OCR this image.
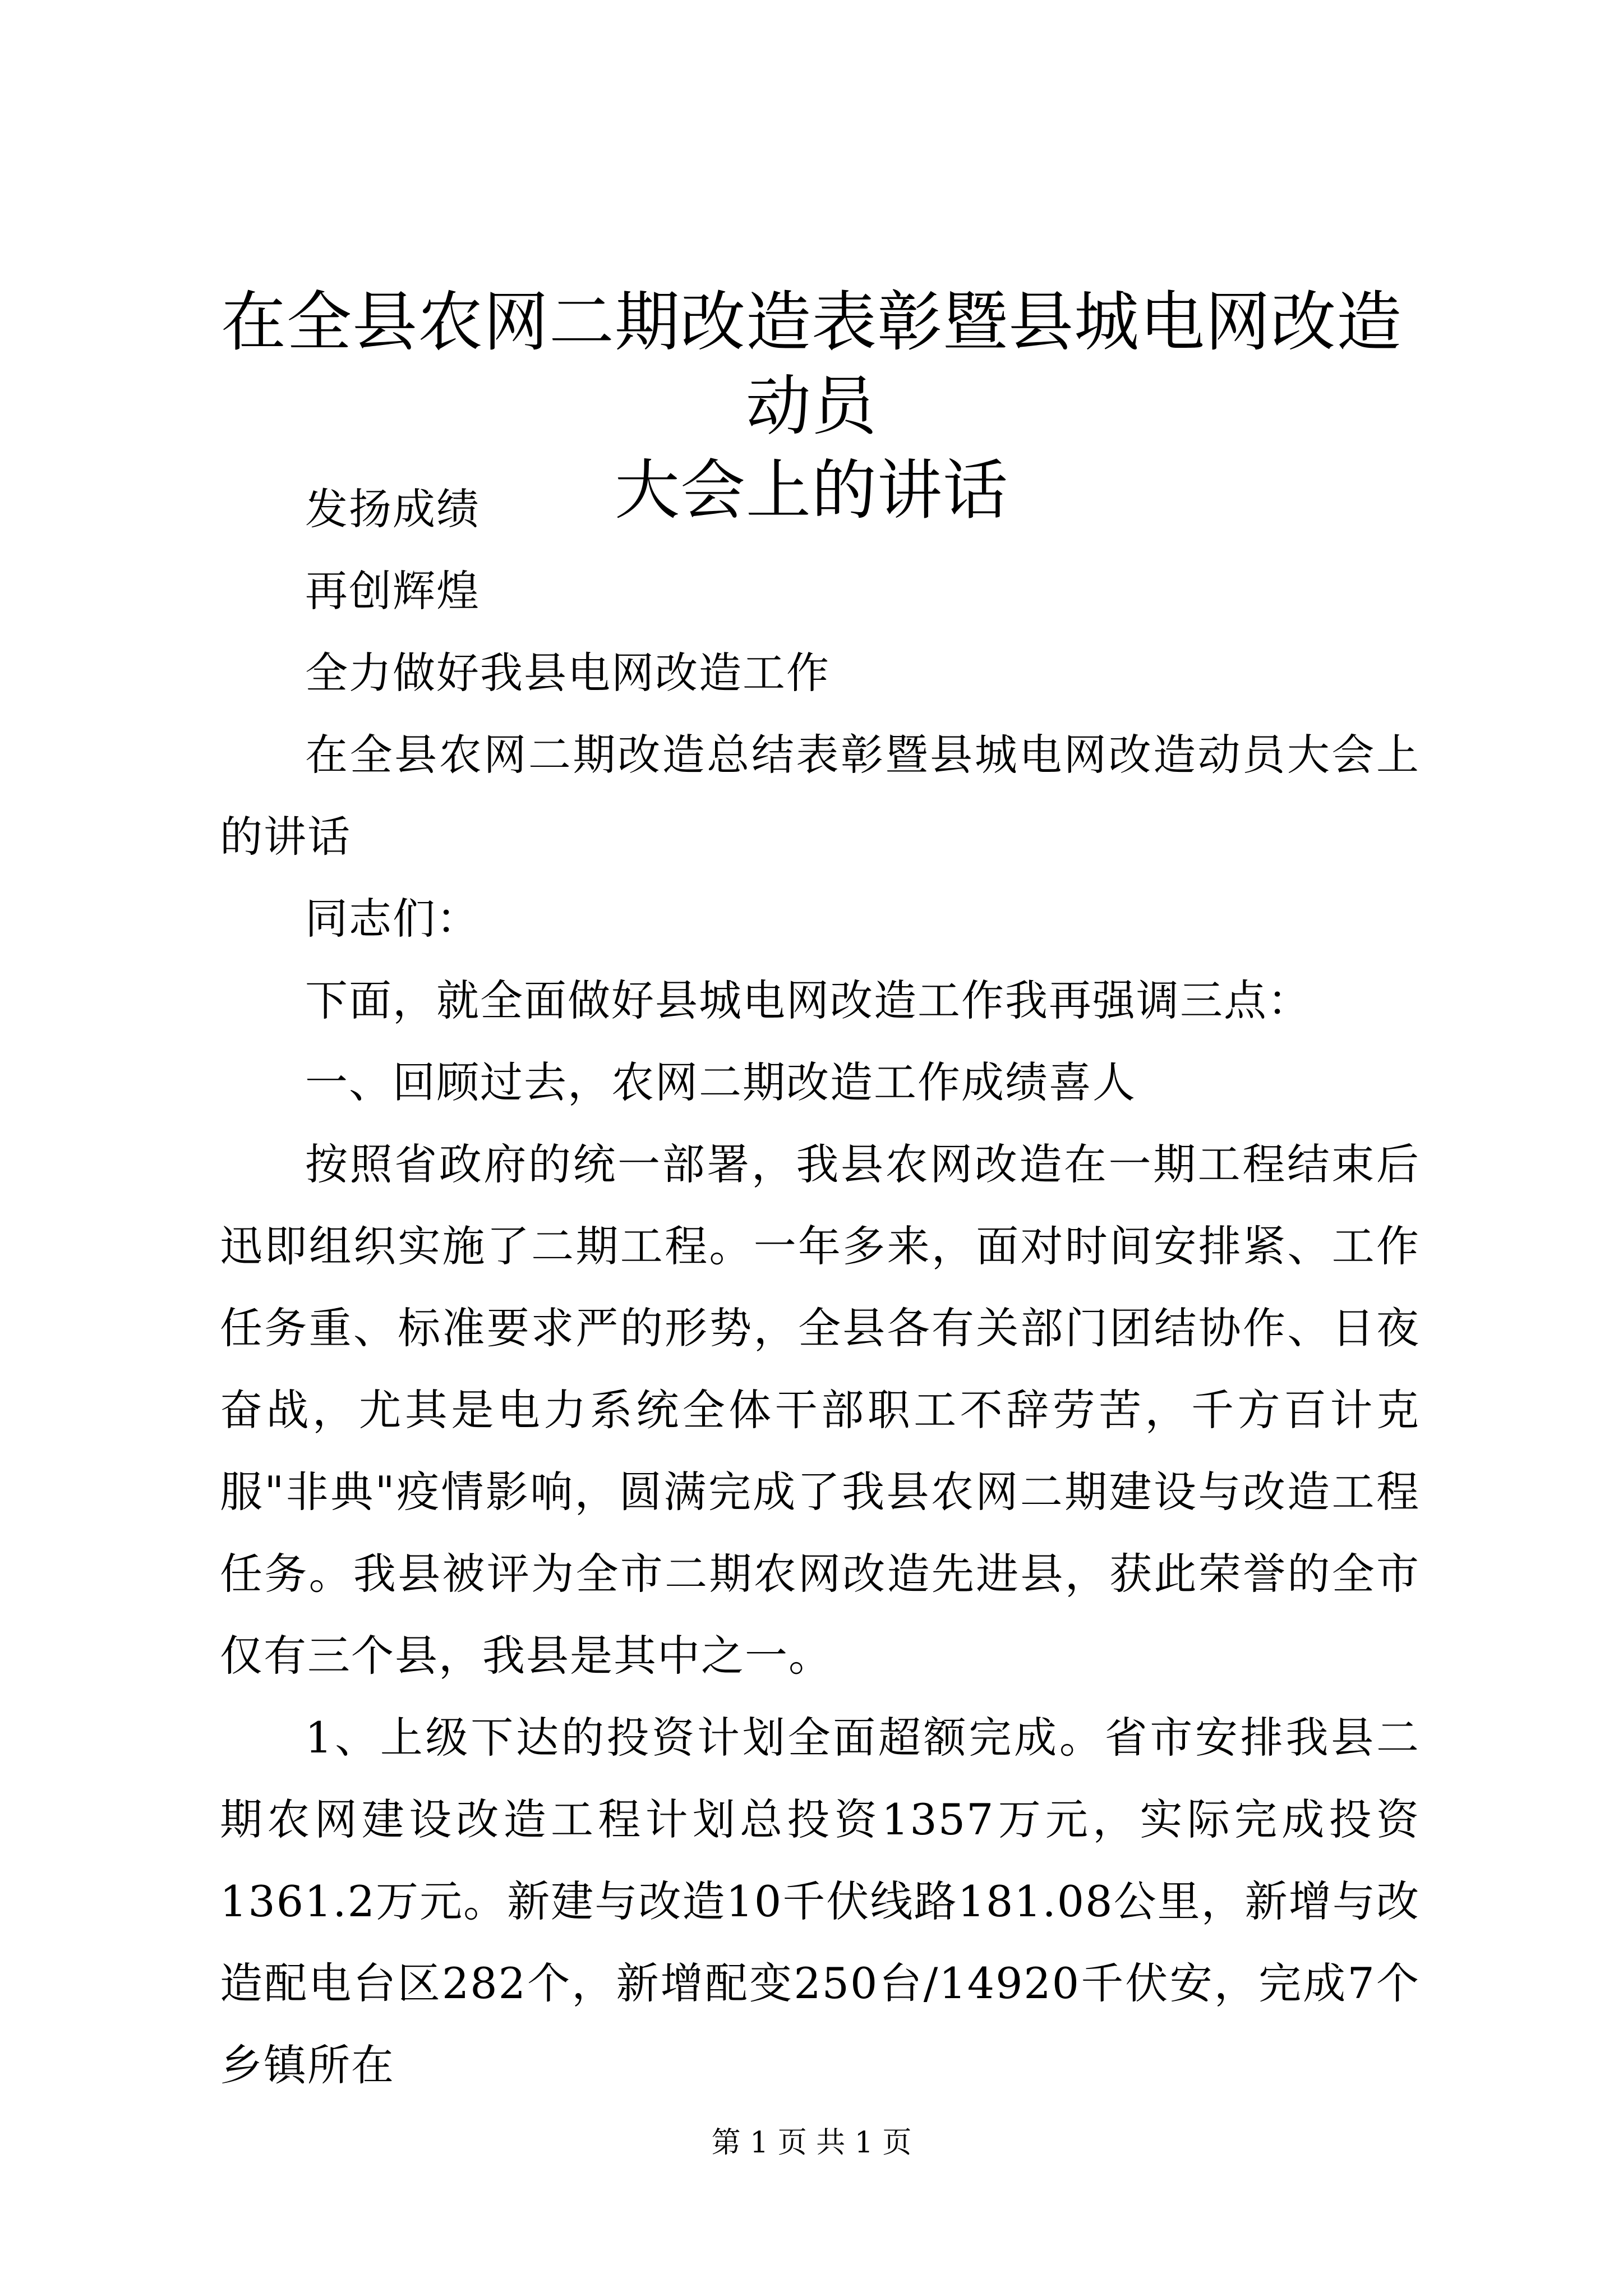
在全县农网二期改造表彰暨县城电网改造动员
大会上的讲话

发扬成绩

再创辉煌

全力做好我县电网改造工作

在全县农网二期改造总结表彰暨县城电网改造动员大会上的讲话

同志们：

下面，就全面做好县城电网改造工作我再强调三点：

一、回顾过去，农网二期改造工作成绩喜人

按照省政府的统一部署，我县农网改造在一期工程结束后迅即组织实施了二期工程。一年多来，面对时间安排紧、工作任务重、标准要求严的形势，全县各有关部门团结协作、日夜奋战，尤其是电力系统全体干部职工不辞劳苦，千方百计克服"非典"疫情影响，圆满完成了我县农网二期建设与改造工程任务。我县被评为全市二期农网改造先进县，获此荣誉的全市仅有三个县，我县是其中之一。

1、上级下达的投资计划全面超额完成。省市安排我县二期农网建设改造工程计划总投资1357万元，实际完成投资1361.2万元。新建与改造10千伏线路181.08公里，新增与改造配电台区282个，新增配变250台/14920千伏安，完成7个乡镇所在

第 1 页 共 1 页
